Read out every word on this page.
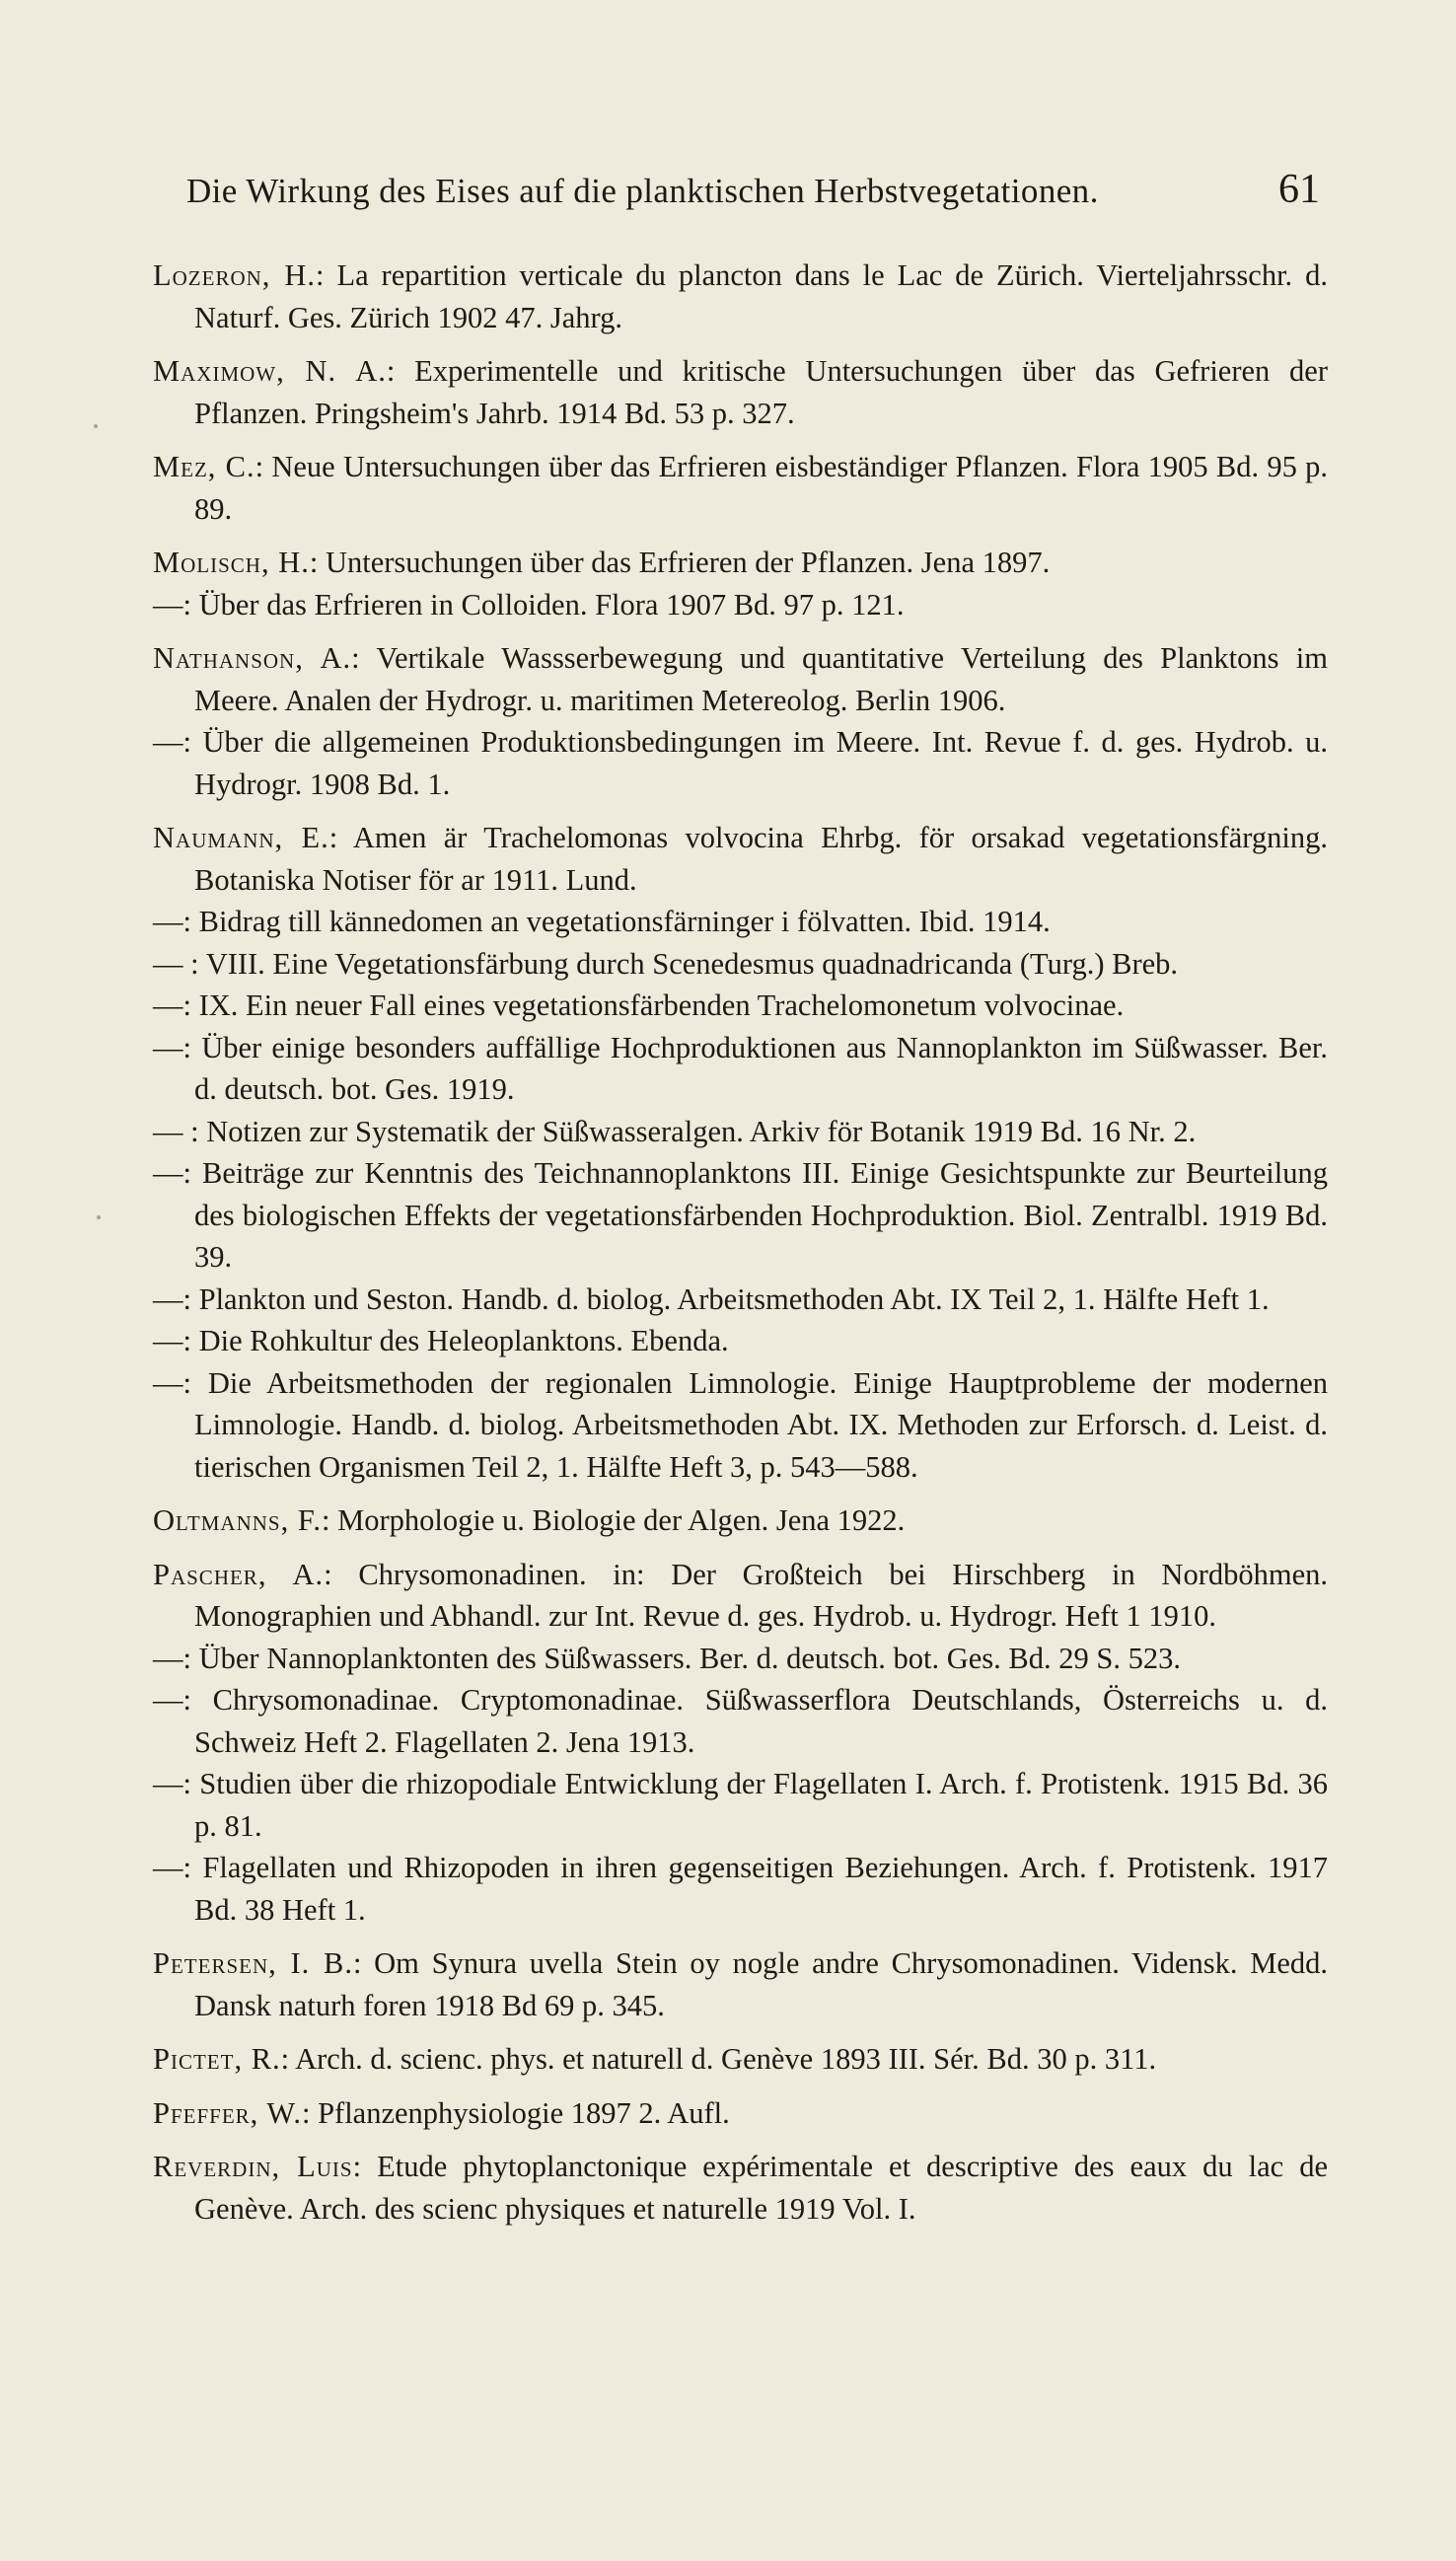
Die Wirkung des Eises auf die planktischen Herbstvegetationen.	61

Lozeron, H.: La repartition verticale du plancton dans le Lac de Zürich. Vierteljahrsschr. d. Naturf. Ges. Zürich 1902 47. Jahrg.

Maximow, N. A.: Experimentelle und kritische Untersuchungen über das Gefrieren der Pflanzen. Pringsheim's Jahrb. 1914 Bd. 53 p. 327.

Mez, C.: Neue Untersuchungen über das Erfrieren eisbeständiger Pflanzen. Flora 1905 Bd. 95 p. 89.

Molisch, H.: Untersuchungen über das Erfrieren der Pflanzen. Jena 1897.

—: Über das Erfrieren in Colloiden. Flora 1907 Bd. 97 p. 121.

Nathanson, A.: Vertikale Wassserbewegung und quantitative Verteilung des Planktons im Meere. Analen der Hydrogr. u. maritimen Metereolog. Berlin 1906.

—: Über die allgemeinen Produktionsbedingungen im Meere. Int. Revue f. d. ges. Hydrob. u. Hydrogr. 1908 Bd. 1.

Naumann, E.: Amen är Trachelomonas volvocina Ehrbg. för orsakad vegetationsfärgning. Botaniska Notiser för ar 1911. Lund.

—: Bidrag till kännedomen an vegetationsfärninger i fölvatten. Ibid. 1914.

— : VIII. Eine Vegetationsfärbung durch Scenedesmus quadnadricanda (Turg.) Breb.

—: IX. Ein neuer Fall eines vegetationsfärbenden Trachelomonetum volvocinae.

—: Über einige besonders auffällige Hochproduktionen aus Nannoplankton im Süßwasser. Ber. d. deutsch. bot. Ges. 1919.

— : Notizen zur Systematik der Süßwasseralgen. Arkiv för Botanik 1919 Bd. 16 Nr. 2.

—: Beiträge zur Kenntnis des Teichnannoplanktons III. Einige Gesichtspunkte zur Beurteilung des biologischen Effekts der vegetationsfärbenden Hochproduktion. Biol. Zentralbl. 1919 Bd. 39.

—: Plankton und Seston. Handb. d. biolog. Arbeitsmethoden Abt. IX Teil 2, 1. Hälfte Heft 1.

—: Die Rohkultur des Heleoplanktons. Ebenda.

—: Die Arbeitsmethoden der regionalen Limnologie. Einige Hauptprobleme der modernen Limnologie. Handb. d. biolog. Arbeitsmethoden Abt. IX. Methoden zur Erforsch. d. Leist. d. tierischen Organismen Teil 2, 1. Hälfte Heft 3, p. 543—588.

Oltmanns, F.: Morphologie u. Biologie der Algen. Jena 1922.

Pascher, A.: Chrysomonadinen. in: Der Großteich bei Hirschberg in Nordböhmen. Monographien und Abhandl. zur Int. Revue d. ges. Hydrob. u. Hydrogr. Heft 1 1910.

—: Über Nannoplanktonten des Süßwassers. Ber. d. deutsch. bot. Ges. Bd. 29 S. 523.

—: Chrysomonadinae. Cryptomonadinae. Süßwasserflora Deutschlands, Österreichs u. d. Schweiz Heft 2. Flagellaten 2. Jena 1913.

—: Studien über die rhizopodiale Entwicklung der Flagellaten I. Arch. f. Protistenk. 1915 Bd. 36 p. 81.

—: Flagellaten und Rhizopoden in ihren gegenseitigen Beziehungen. Arch. f. Protistenk. 1917 Bd. 38 Heft 1.

Petersen, I. B.: Om Synura uvella Stein oy nogle andre Chrysomonadinen. Vidensk. Medd. Dansk naturh foren 1918 Bd 69 p. 345.

Pictet, R.: Arch. d. scienc. phys. et naturell d. Genève 1893 III. Sér. Bd. 30 p. 311.

Pfeffer, W.: Pflanzenphysiologie 1897 2. Aufl.

Reverdin, Luis: Etude phytoplanctonique expérimentale et descriptive des eaux du lac de Genève. Arch. des scienc physiques et naturelle 1919 Vol. I.
